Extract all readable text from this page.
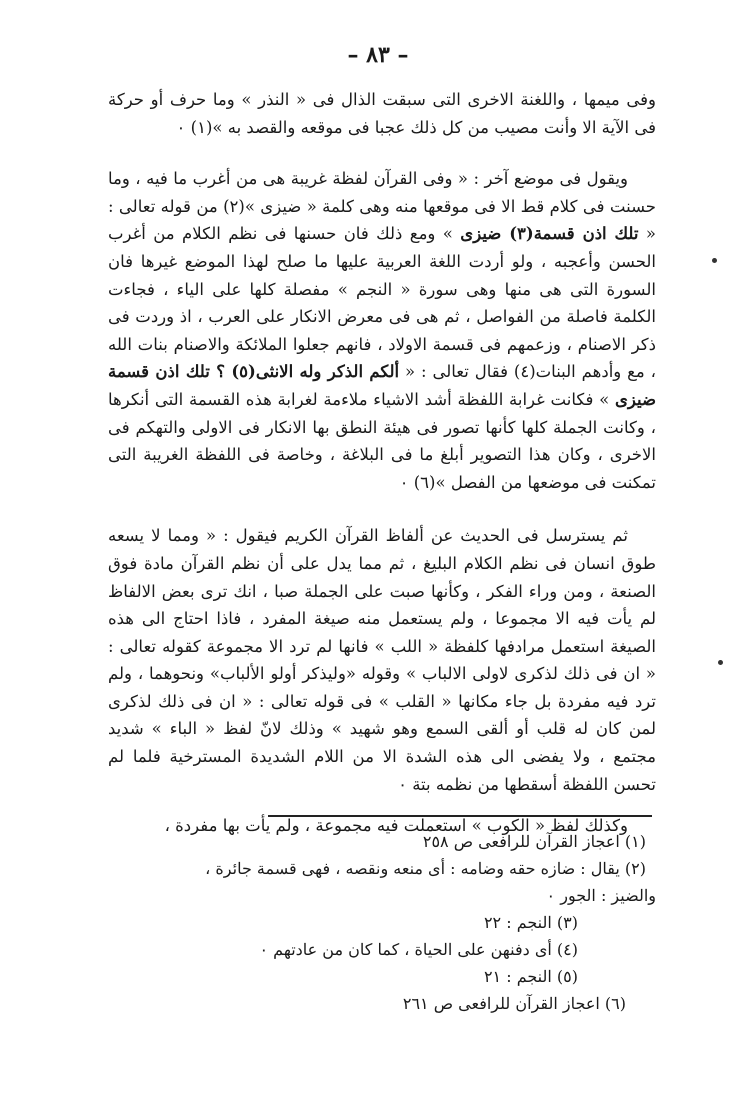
– ٨٣ –

وفى ميمها ، واللغنة الاخرى التى سبقت الذال فى « النذر » وما حرف أو حركة فى الآية الا وأنت مصيب من كل ذلك عجبا فى موقعه والقصد به »(١) ٠

ويقول فى موضع آخر : « وفى القرآن لفظة غريبة هى من أغرب ما فيه ، وما حسنت فى كلام قط الا فى موقعها منه وهى كلمة « ضيزى »(٢) من قوله تعالى : « تلك اذن قسمة(٣) ضيزى » ومع ذلك فان حسنها فى نظم الكلام من أغرب الحسن وأعجبه ، ولو أردت اللغة العربية عليها ما صلح لهذا الموضع غيرها فان السورة التى هى منها وهى سورة « النجم » مفصلة كلها على الياء ، فجاءت الكلمة فاصلة من الفواصل ، ثم هى فى معرض الانكار على العرب ، اذ وردت فى ذكر الاصنام ، وزعمهم فى قسمة الاولاد ، فانهم جعلوا الملائكة والاصنام بنات الله ، مع وأدهم البنات(٤) فقال تعالى : « ألكم الذكر وله الانثى(٥) ؟ تلك اذن قسمة ضيزى » فكانت غرابة اللفظة أشد الاشياء ملاءمة لغرابة هذه القسمة التى أنكرها ، وكانت الجملة كلها كأنها تصور فى هيئة النطق بها الانكار فى الاولى والتهكم فى الاخرى ، وكان هذا التصوير أبلغ ما فى البلاغة ، وخاصة فى اللفظة الغريبة التى تمكنت فى موضعها من الفصل »(٦) ٠

ثم يسترسل فى الحديث عن ألفاظ القرآن الكريم فيقول : « ومما لا يسعه طوق انسان فى نظم الكلام البليغ ، ثم مما يدل على أن نظم القرآن مادة فوق الصنعة ، ومن وراء الفكر ، وكأنها صبت على الجملة صبا ، انك ترى بعض الالفاظ لم يأت فيه الا مجموعا ، ولم يستعمل منه صيغة المفرد ، فاذا احتاج الى هذه الصيغة استعمل مرادفها كلفظة « اللب » فانها لم ترد الا مجموعة كقوله تعالى : « ان فى ذلك لذكرى لاولى الالباب » وقوله «وليذكر أولو الألباب» ونحوهما ، ولم ترد فيه مفردة بل جاء مكانها « القلب » فى قوله تعالى : « ان فى ذلك لذكرى لمن كان له قلب أو ألقى السمع وهو شهيد » وذلك لانّ لفظ « الباء » شديد مجتمع ، ولا يفضى الى هذه الشدة الا من اللام الشديدة المسترخية فلما لم تحسن اللفظة أسقطها من نظمه بتة ٠

وكذلك لفظ « الكوب » استعملت فيه مجموعة ، ولم يأت بها مفردة ،

(١) اعجاز القرآن للرافعى ص ٢٥٨
(٢) يقال : ضازه حقه وضامه : أى منعه ونقصه ، فهى قسمة جائرة ،
والضيز : الجور ٠
(٣) النجم : ٢٢
(٤) أى دفنهن على الحياة ، كما كان من عادتهم ٠
(٥) النجم : ٢١
(٦) اعجاز القرآن للرافعى ص ٢٦١
